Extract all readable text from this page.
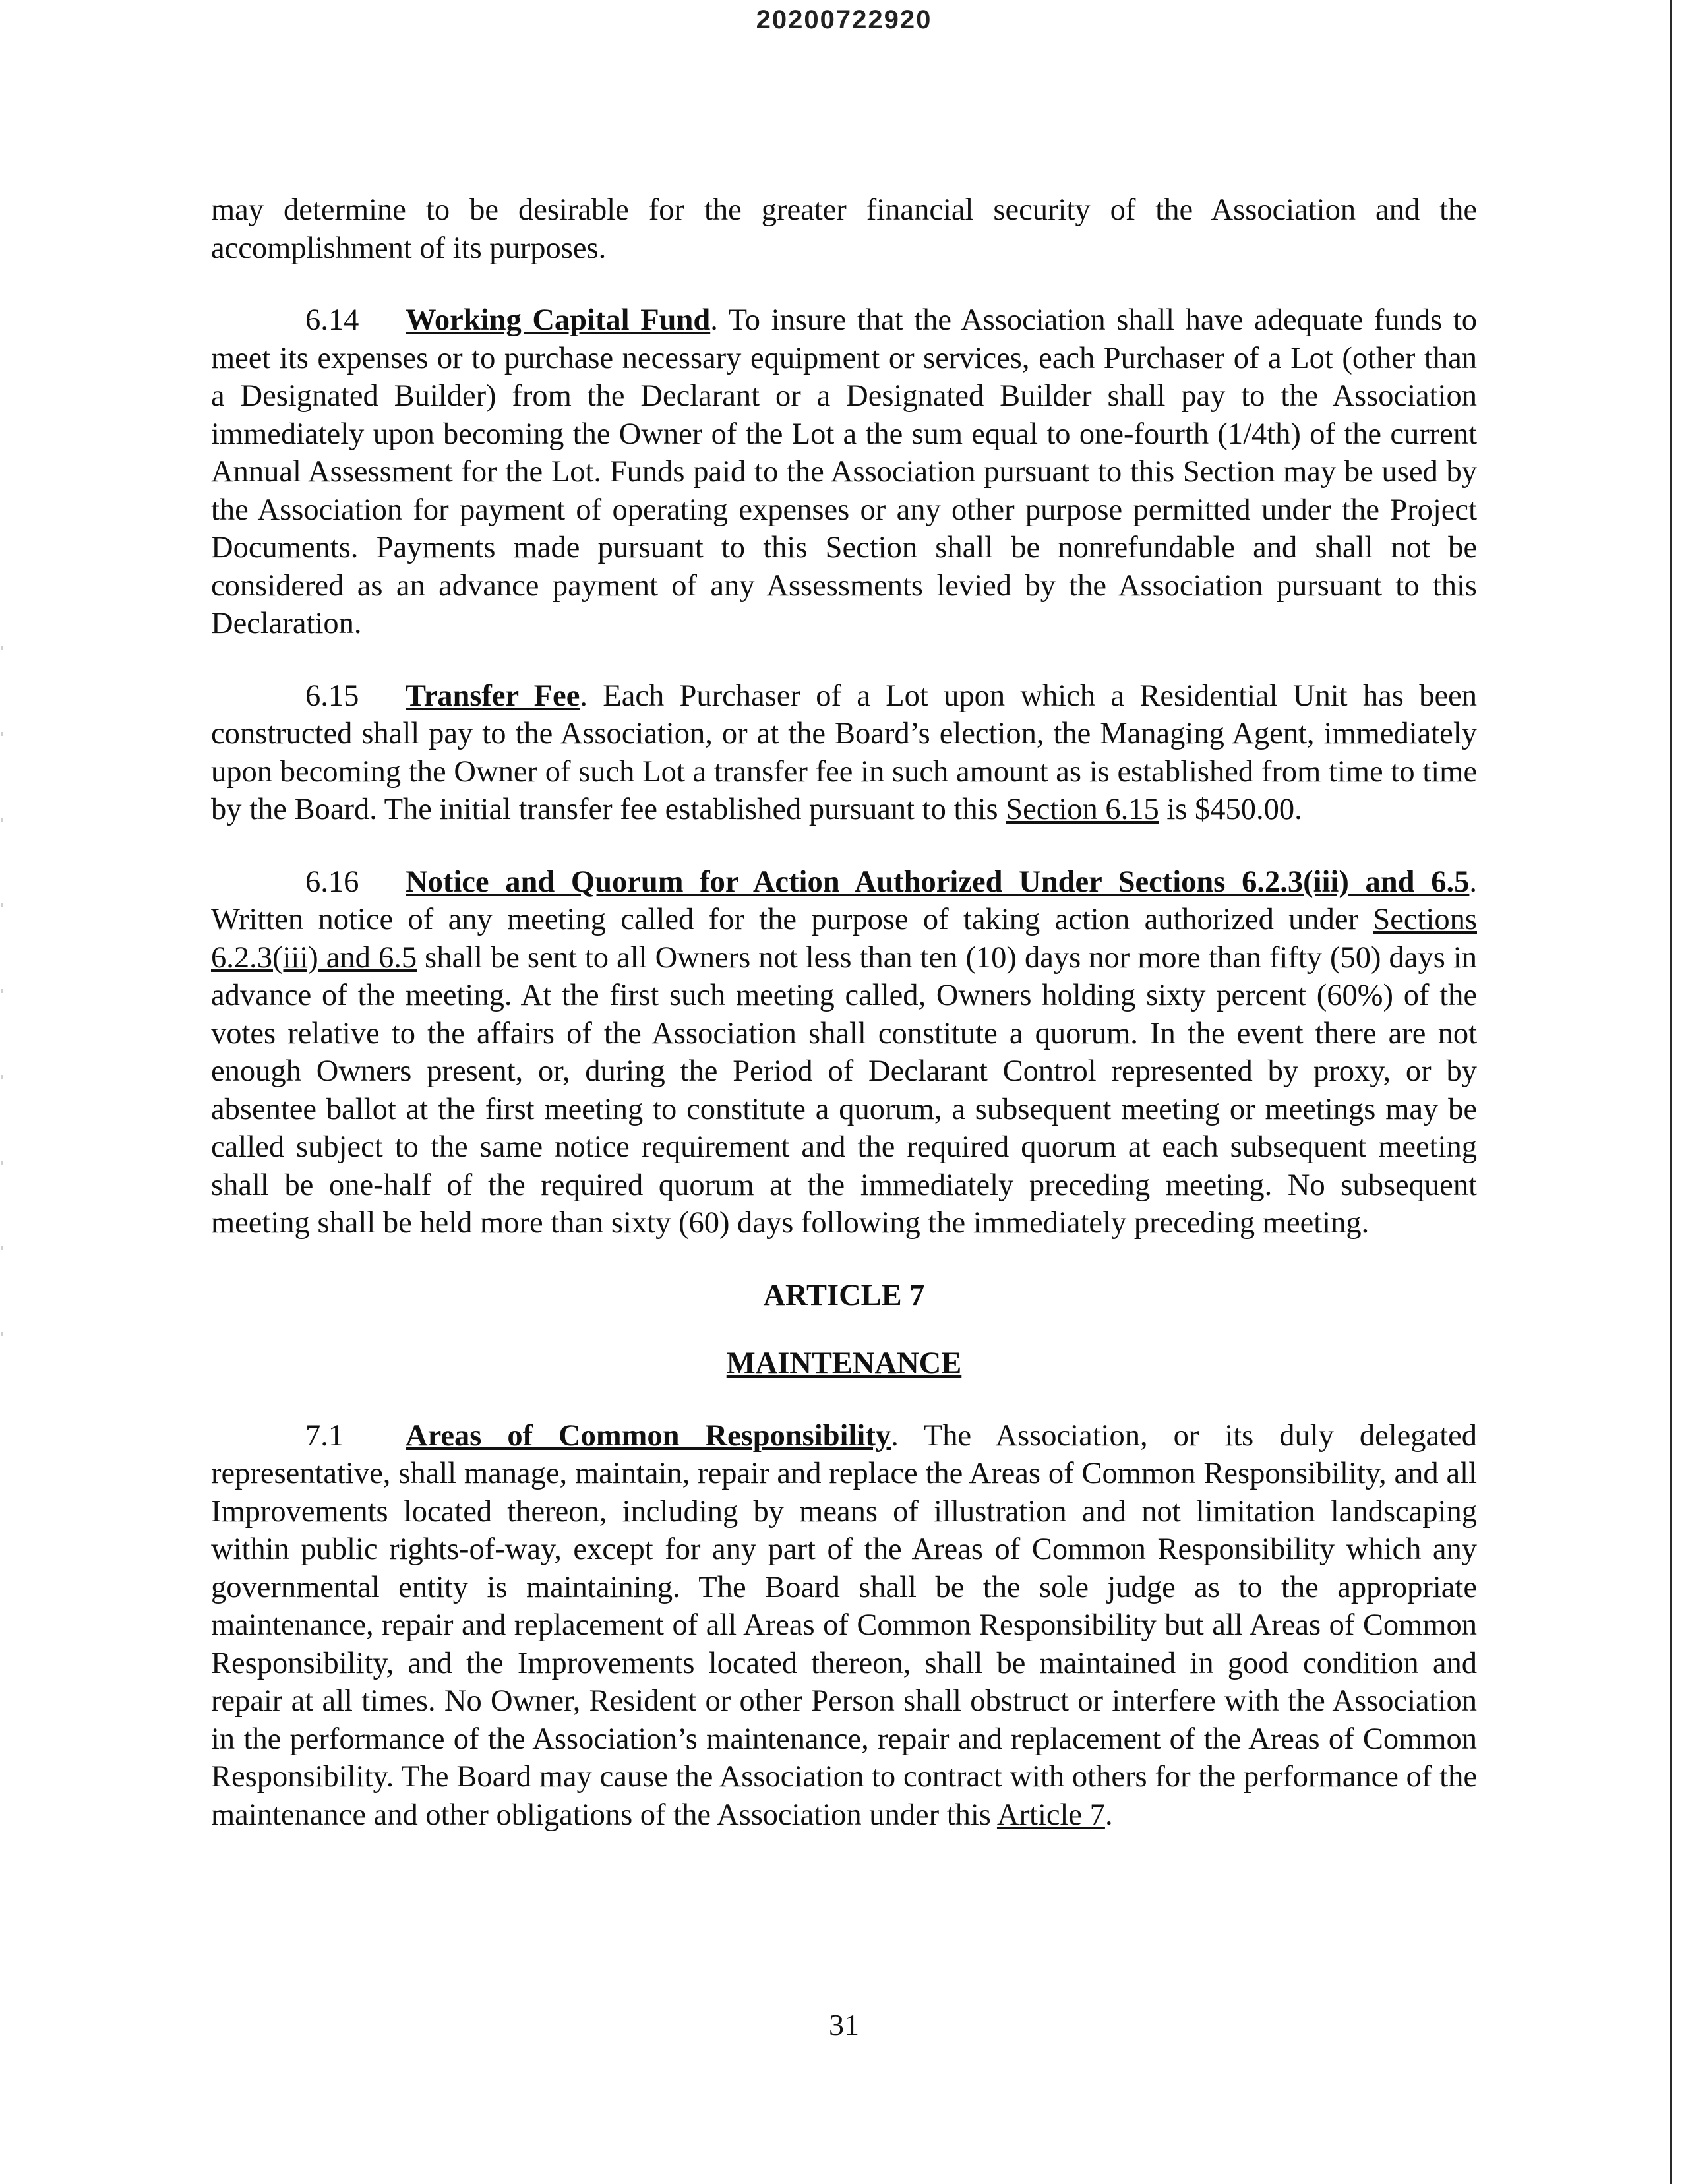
20200722920

may determine to be desirable for the greater financial security of the Association and the accomplishment of its purposes.

6.14 Working Capital Fund. To insure that the Association shall have adequate funds to meet its expenses or to purchase necessary equipment or services, each Purchaser of a Lot (other than a Designated Builder) from the Declarant or a Designated Builder shall pay to the Association immediately upon becoming the Owner of the Lot a the sum equal to one-fourth (1/4th) of the current Annual Assessment for the Lot. Funds paid to the Association pursuant to this Section may be used by the Association for payment of operating expenses or any other purpose permitted under the Project Documents. Payments made pursuant to this Section shall be nonrefundable and shall not be considered as an advance payment of any Assessments levied by the Association pursuant to this Declaration.

6.15 Transfer Fee. Each Purchaser of a Lot upon which a Residential Unit has been constructed shall pay to the Association, or at the Board’s election, the Managing Agent, immediately upon becoming the Owner of such Lot a transfer fee in such amount as is established from time to time by the Board. The initial transfer fee established pursuant to this Section 6.15 is $450.00.

6.16 Notice and Quorum for Action Authorized Under Sections 6.2.3(iii) and 6.5. Written notice of any meeting called for the purpose of taking action authorized under Sections 6.2.3(iii) and 6.5 shall be sent to all Owners not less than ten (10) days nor more than fifty (50) days in advance of the meeting. At the first such meeting called, Owners holding sixty percent (60%) of the votes relative to the affairs of the Association shall constitute a quorum. In the event there are not enough Owners present, or, during the Period of Declarant Control represented by proxy, or by absentee ballot at the first meeting to constitute a quorum, a subsequent meeting or meetings may be called subject to the same notice requirement and the required quorum at each subsequent meeting shall be one-half of the required quorum at the immediately preceding meeting. No subsequent meeting shall be held more than sixty (60) days following the immediately preceding meeting.

ARTICLE 7

MAINTENANCE

7.1 Areas of Common Responsibility. The Association, or its duly delegated representative, shall manage, maintain, repair and replace the Areas of Common Responsibility, and all Improvements located thereon, including by means of illustration and not limitation landscaping within public rights-of-way, except for any part of the Areas of Common Responsibility which any governmental entity is maintaining. The Board shall be the sole judge as to the appropriate maintenance, repair and replacement of all Areas of Common Responsibility but all Areas of Common Responsibility, and the Improvements located thereon, shall be maintained in good condition and repair at all times. No Owner, Resident or other Person shall obstruct or interfere with the Association in the performance of the Association’s maintenance, repair and replacement of the Areas of Common Responsibility. The Board may cause the Association to contract with others for the performance of the maintenance and other obligations of the Association under this Article 7.

31
